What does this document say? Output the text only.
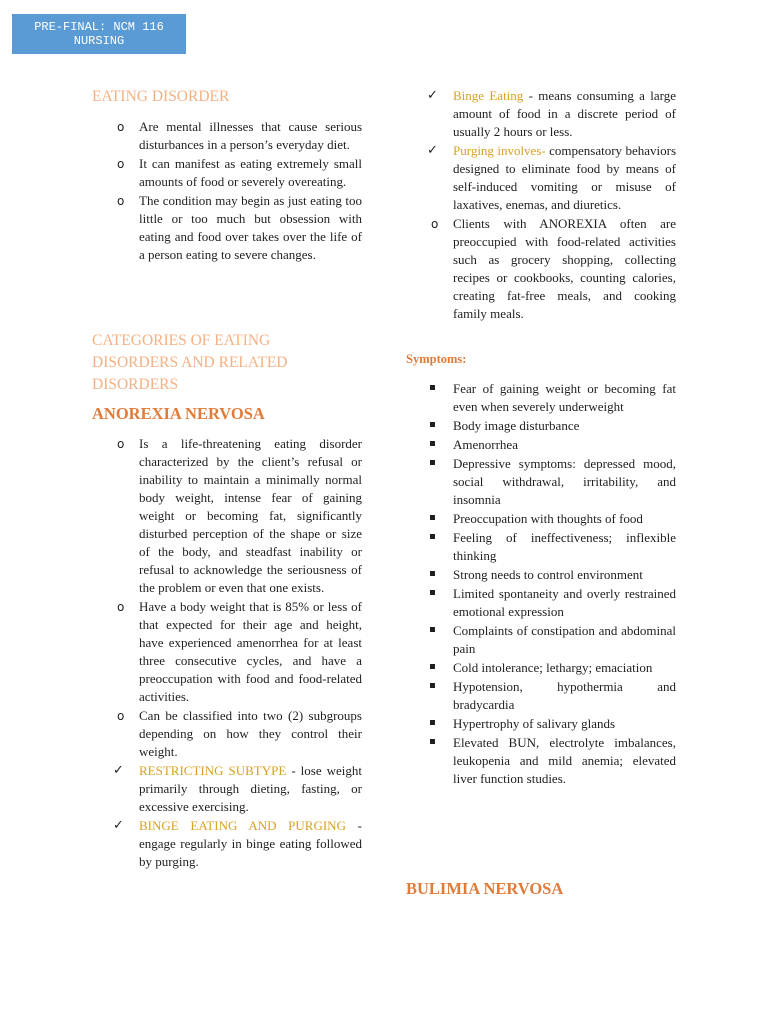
PRE-FINAL: NCM 116
NURSING
EATING DISORDER
o Are mental illnesses that cause serious disturbances in a person’s everyday diet.
o It can manifest as eating extremely small amounts of food or severely overeating.
o The condition may begin as just eating too little or too much but obsession with eating and food over takes over the life of a person eating to severe changes.
CATEGORIES OF EATING DISORDERS AND RELATED DISORDERS
ANOREXIA NERVOSA
o Is a life-threatening eating disorder characterized by the client’s refusal or inability to maintain a minimally normal body weight, intense fear of gaining weight or becoming fat, significantly disturbed perception of the shape or size of the body, and steadfast inability or refusal to acknowledge the seriousness of the problem or even that one exists.
o Have a body weight that is 85% or less of that expected for their age and height, have experienced amenorrhea for at least three consecutive cycles, and have a preoccupation with food and food-related activities.
o Can be classified into two (2) subgroups depending on how they control their weight.
✓ RESTRICTING SUBTYPE - lose weight primarily through dieting, fasting, or excessive exercising.
✓ BINGE EATING AND PURGING - engage regularly in binge eating followed by purging.
✓ Binge Eating - means consuming a large amount of food in a discrete period of usually 2 hours or less.
✓ Purging involves- compensatory behaviors designed to eliminate food by means of self-induced vomiting or misuse of laxatives, enemas, and diuretics.
o Clients with ANOREXIA often are preoccupied with food-related activities such as grocery shopping, collecting recipes or cookbooks, counting calories, creating fat-free meals, and cooking family meals.
Symptoms:
Fear of gaining weight or becoming fat even when severely underweight
Body image disturbance
Amenorrhea
Depressive symptoms: depressed mood, social withdrawal, irritability, and insomnia
Preoccupation with thoughts of food
Feeling of ineffectiveness; inflexible thinking
Strong needs to control environment
Limited spontaneity and overly restrained emotional expression
Complaints of constipation and abdominal pain
Cold intolerance; lethargy; emaciation
Hypotension, hypothermia and bradycardia
Hypertrophy of salivary glands
Elevated BUN, electrolyte imbalances, leukopenia and mild anemia; elevated liver function studies.
BULIMIA NERVOSA
